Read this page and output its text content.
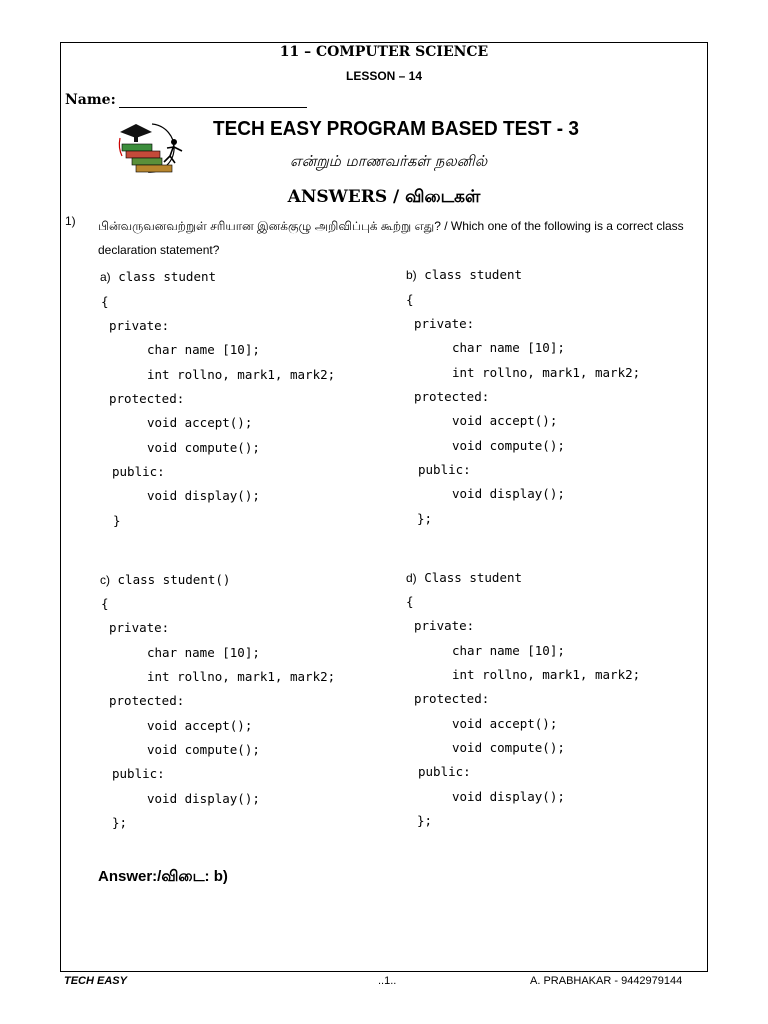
11 – COMPUTER SCIENCE
LESSON – 14
Name:
TECH EASY PROGRAM BASED TEST - 3
என்றும் மாணவர்கள் நலனில்
ANSWERS / விடைகள்
1) பின்வருவனவற்றுள் சரியான இனக்குழு அறிவிப்புக் கூற்று எது? / Which one of the following is a correct class declaration statement?
a) class student
{
private:
char name [10];
int rollno, mark1, mark2;
protected:
void accept();
void compute();
public:
void display();
}
b) class student
{
private:
char name [10];
int rollno, mark1, mark2;
protected:
void accept();
void compute();
public:
void display();
};
c) class student()
{
private:
char name [10];
int rollno, mark1, mark2;
protected:
void accept();
void compute();
public:
void display();
};
d) Class student
{
private:
char name [10];
int rollno, mark1, mark2;
protected:
void accept();
void compute();
public:
void display();
};
Answer:/விடை: b)
TECH EASY	..1..	A. PRABHAKAR - 9442979144
